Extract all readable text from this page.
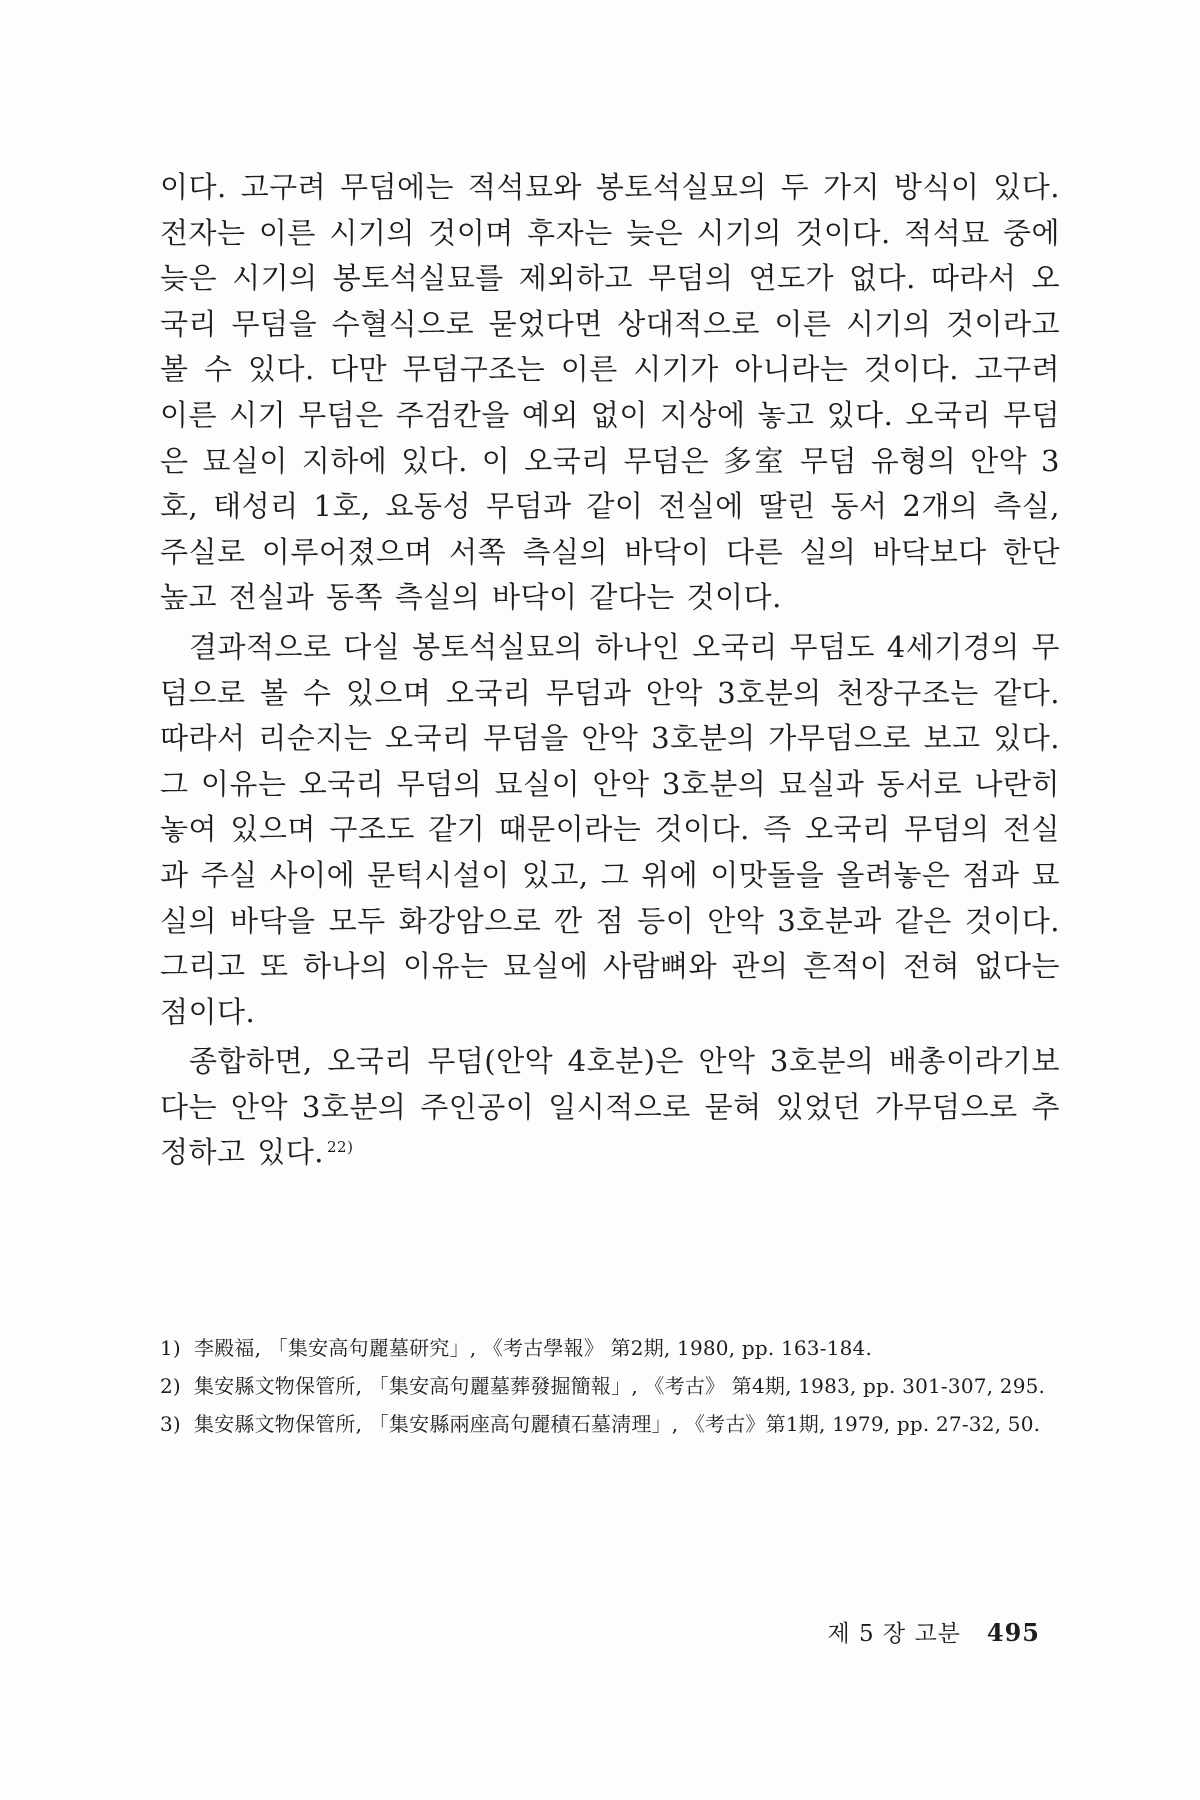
이다. 고구려 무덤에는 적석묘와 봉토석실묘의 두 가지 방식이 있다. 전자는 이른 시기의 것이며 후자는 늦은 시기의 것이다. 적석묘 중에 늦은 시기의 봉토석실묘를 제외하고 무덤의 연도가 없다. 따라서 오국리 무덤을 수혈식으로 묻었다면 상대적으로 이른 시기의 것이라고 볼 수 있다. 다만 무덤구조는 이른 시기가 아니라는 것이다. 고구려 이른 시기 무덤은 주검칸을 예외 없이 지상에 놓고 있다. 오국리 무덤은 묘실이 지하에 있다. 이 오국리 무덤은 多室 무덤 유형의 안악 3호, 태성리 1호, 요동성 무덤과 같이 전실에 딸린 동서 2개의 측실, 주실로 이루어졌으며 서쪽 측실의 바닥이 다른 실의 바닥보다 한단 높고 전실과 동쪽 측실의 바닥이 같다는 것이다.

결과적으로 다실 봉토석실묘의 하나인 오국리 무덤도 4세기경의 무덤으로 볼 수 있으며 오국리 무덤과 안악 3호분의 천장구조는 같다. 따라서 리순지는 오국리 무덤을 안악 3호분의 가무덤으로 보고 있다. 그 이유는 오국리 무덤의 묘실이 안악 3호분의 묘실과 동서로 나란히 놓여 있으며 구조도 같기 때문이라는 것이다. 즉 오국리 무덤의 전실과 주실 사이에 문턱시설이 있고, 그 위에 이맛돌을 올려놓은 점과 묘실의 바닥을 모두 화강암으로 깐 점 등이 안악 3호분과 같은 것이다. 그리고 또 하나의 이유는 묘실에 사람뼈와 관의 흔적이 전혀 없다는 점이다.

종합하면, 오국리 무덤(안악 4호분)은 안악 3호분의 배총이라기보다는 안악 3호분의 주인공이 일시적으로 묻혀 있었던 가무덤으로 추정하고 있다. $^{22)}$

1) 李殿福, 「集安高句麗墓研究」, 《考古學報》 第2期, 1980, pp. 163-184.
2) 集安縣文物保管所, 「集安高句麗墓葬發掘簡報」, 《考古》 第4期, 1983, pp. 301-307, 295.
3) 集安縣文物保管所, 「集安縣兩座高句麗積石墓淸理」, 《考古》第1期, 1979, pp. 27-32, 50.
제 5 장 고분 495
